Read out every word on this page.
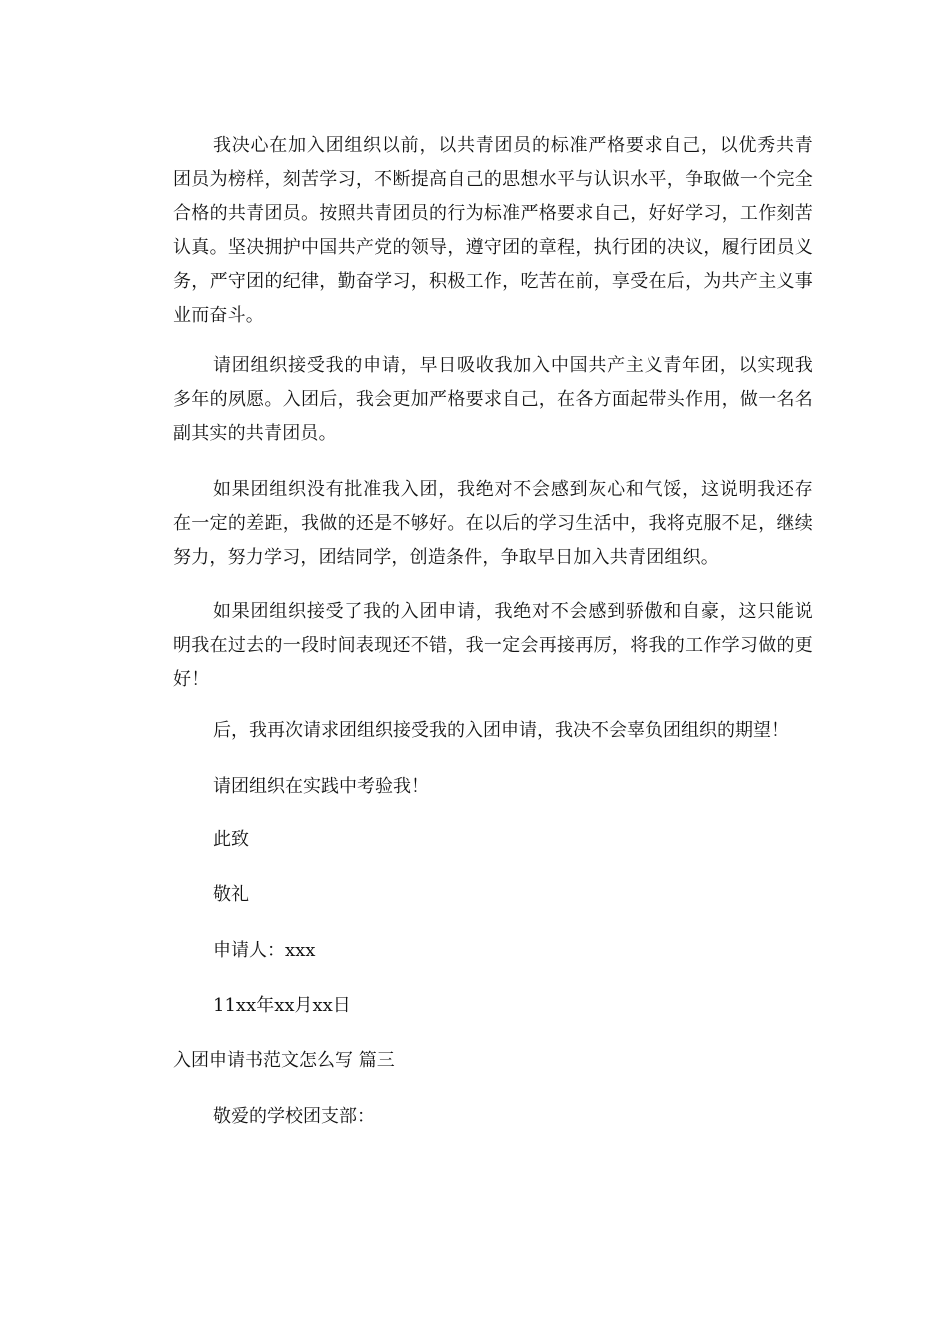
我决心在加入团组织以前，以共青团员的标准严格要求自己，以优秀共青团员为榜样，刻苦学习，不断提高自己的思想水平与认识水平，争取做一个完全合格的共青团员。按照共青团员的行为标准严格要求自己，好好学习，工作刻苦认真。坚决拥护中国共产党的领导，遵守团的章程，执行团的决议，履行团员义务，严守团的纪律，勤奋学习，积极工作，吃苦在前，享受在后，为共产主义事业而奋斗。

请团组织接受我的申请，早日吸收我加入中国共产主义青年团，以实现我多年的夙愿。入团后，我会更加严格要求自己，在各方面起带头作用，做一名名副其实的共青团员。

如果团组织没有批准我入团，我绝对不会感到灰心和气馁，这说明我还存在一定的差距，我做的还是不够好。在以后的学习生活中，我将克服不足，继续努力，努力学习，团结同学，创造条件，争取早日加入共青团组织。

如果团组织接受了我的入团申请，我绝对不会感到骄傲和自豪，这只能说明我在过去的一段时间表现还不错，我一定会再接再厉，将我的工作学习做的更好！

后，我再次请求团组织接受我的入团申请，我决不会辜负团组织的期望！

请团组织在实践中考验我！

此致

敬礼

申请人：xxx

11xx年xx月xx日

入团申请书范文怎么写 篇三

敬爱的学校团支部：
